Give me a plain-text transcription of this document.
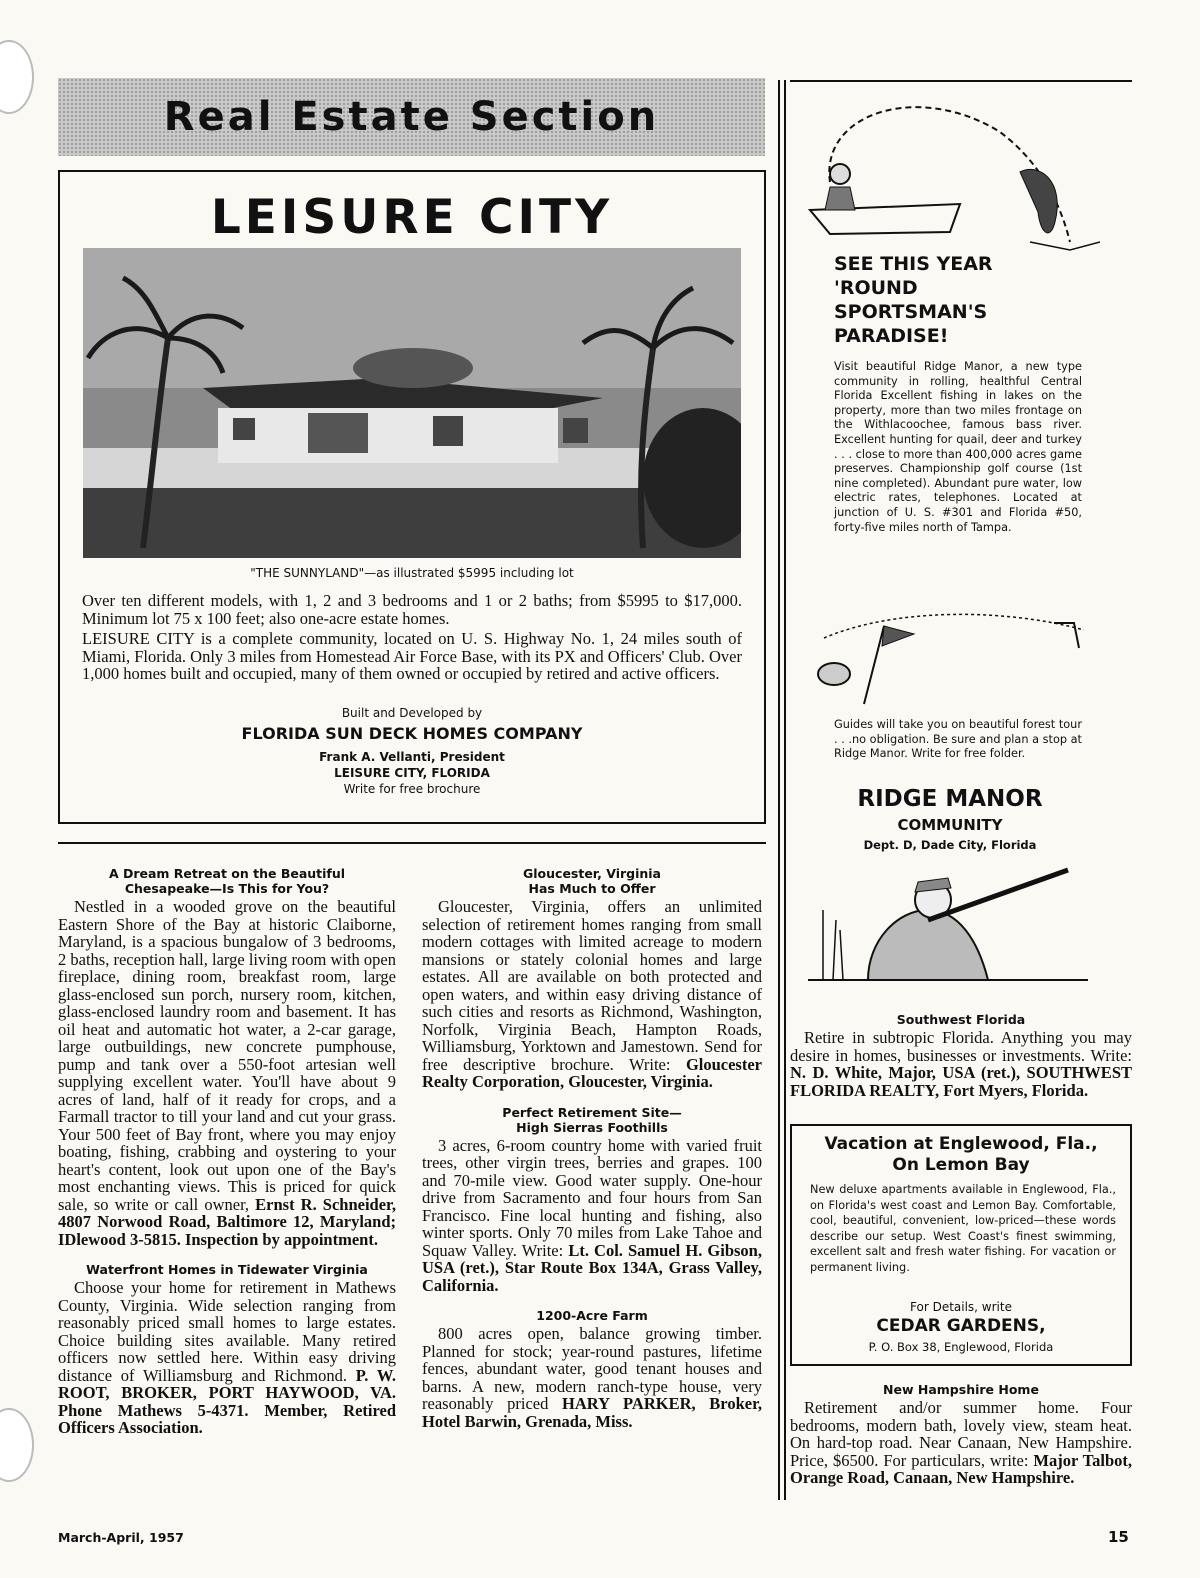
Real Estate Section
LEISURE CITY
"THE SUNNYLAND"—as illustrated $5995 including lot

Over ten different models, with 1, 2 and 3 bedrooms and 1 or 2 baths; from $5995 to $17,000. Minimum lot 75 x 100 feet; also one-acre estate homes.

LEISURE CITY is a complete community, located on U. S. Highway No. 1, 24 miles south of Miami, Florida. Only 3 miles from Homestead Air Force Base, with its PX and Officers' Club. Over 1,000 homes built and occupied, many of them owned or occupied by retired and active officers.

Built and Developed by
FLORIDA SUN DECK HOMES COMPANY
Frank A. Vellanti, President
LEISURE CITY, FLORIDA
Write for free brochure
A Dream Retreat on the Beautiful
Chesapeake—Is This for You?

Nestled in a wooded grove on the beautiful Eastern Shore of the Bay at historic Claiborne, Maryland, is a spacious bungalow of 3 bedrooms, 2 baths, reception hall, large living room with open fireplace, dining room, breakfast room, large glass-enclosed sun porch, nursery room, kitchen, glass-enclosed laundry room and basement. It has oil heat and automatic hot water, a 2-car garage, large outbuildings, new concrete pumphouse, pump and tank over a 550-foot artesian well supplying excellent water. You'll have about 9 acres of land, half of it ready for crops, and a Farmall tractor to till your land and cut your grass. Your 500 feet of Bay front, where you may enjoy boating, fishing, crabbing and oystering to your heart's content, look out upon one of the Bay's most enchanting views. This is priced for quick sale, so write or call owner, Ernst R. Schneider, 4807 Norwood Road, Baltimore 12, Maryland; IDlewood 3-5815. Inspection by appointment.

Waterfront Homes in Tidewater Virginia

Choose your home for retirement in Mathews County, Virginia. Wide selection ranging from reasonably priced small homes to large estates. Choice building sites available. Many retired officers now settled here. Within easy driving distance of Williamsburg and Richmond. P. W. ROOT, BROKER, PORT HAYWOOD, VA. Phone Mathews 5-4371. Member, Retired Officers Association.

Gloucester, Virginia
Has Much to Offer

Gloucester, Virginia, offers an unlimited selection of retirement homes ranging from small modern cottages with limited acreage to modern mansions or stately colonial homes and large estates. All are available on both protected and open waters, and within easy driving distance of such cities and resorts as Richmond, Washington, Norfolk, Virginia Beach, Hampton Roads, Williamsburg, Yorktown and Jamestown. Send for free descriptive brochure. Write: Gloucester Realty Corporation, Gloucester, Virginia.

Perfect Retirement Site—
High Sierras Foothills

3 acres, 6-room country home with varied fruit trees, other virgin trees, berries and grapes. 100 and 70-mile view. Good water supply. One-hour drive from Sacramento and four hours from San Francisco. Fine local hunting and fishing, also winter sports. Only 70 miles from Lake Tahoe and Squaw Valley. Write: Lt. Col. Samuel H. Gibson, USA (ret.), Star Route Box 134A, Grass Valley, California.

1200-Acre Farm

800 acres open, balance growing timber. Planned for stock; year-round pastures, lifetime fences, abundant water, good tenant houses and barns. A new, modern ranch-type house, very reasonably priced HARY PARKER, Broker, Hotel Barwin, Grenada, Miss.

SEE THIS YEAR 'ROUND SPORTSMAN'S PARADISE!

Visit beautiful Ridge Manor, a new type community in rolling, healthful Central Florida Excellent fishing in lakes on the property, more than two miles frontage on the Withlacoochee, famous bass river. Excellent hunting for quail, deer and turkey . . . close to more than 400,000 acres game preserves. Championship golf course (1st nine completed). Abundant pure water, low electric rates, telephones. Located at junction of U. S. #301 and Florida #50, forty-five miles north of Tampa.

Guides will take you on beautiful forest tour . . .no obligation. Be sure and plan a stop at Ridge Manor. Write for free folder.

RIDGE MANOR
COMMUNITY
Dept. D, Dade City, Florida
Southwest Florida

Retire in subtropic Florida. Anything you may desire in homes, businesses or investments. Write: N. D. White, Major, USA (ret.), SOUTHWEST FLORIDA REALTY, Fort Myers, Florida.

Vacation at Englewood, Fla.,
On Lemon Bay

New deluxe apartments available in Englewood, Fla., on Florida's west coast and Lemon Bay. Comfortable, cool, beautiful, convenient, low-priced—these words describe our setup. West Coast's finest swimming, excellent salt and fresh water fishing. For vacation or permanent living.

For Details, write
CEDAR GARDENS,
P. O. Box 38, Englewood, Florida
New Hampshire Home

Retirement and/or summer home. Four bedrooms, modern bath, lovely view, steam heat. On hard-top road. Near Canaan, New Hampshire. Price, $6500. For particulars, write: Major Talbot, Orange Road, Canaan, New Hampshire.

March-April, 1957	15
